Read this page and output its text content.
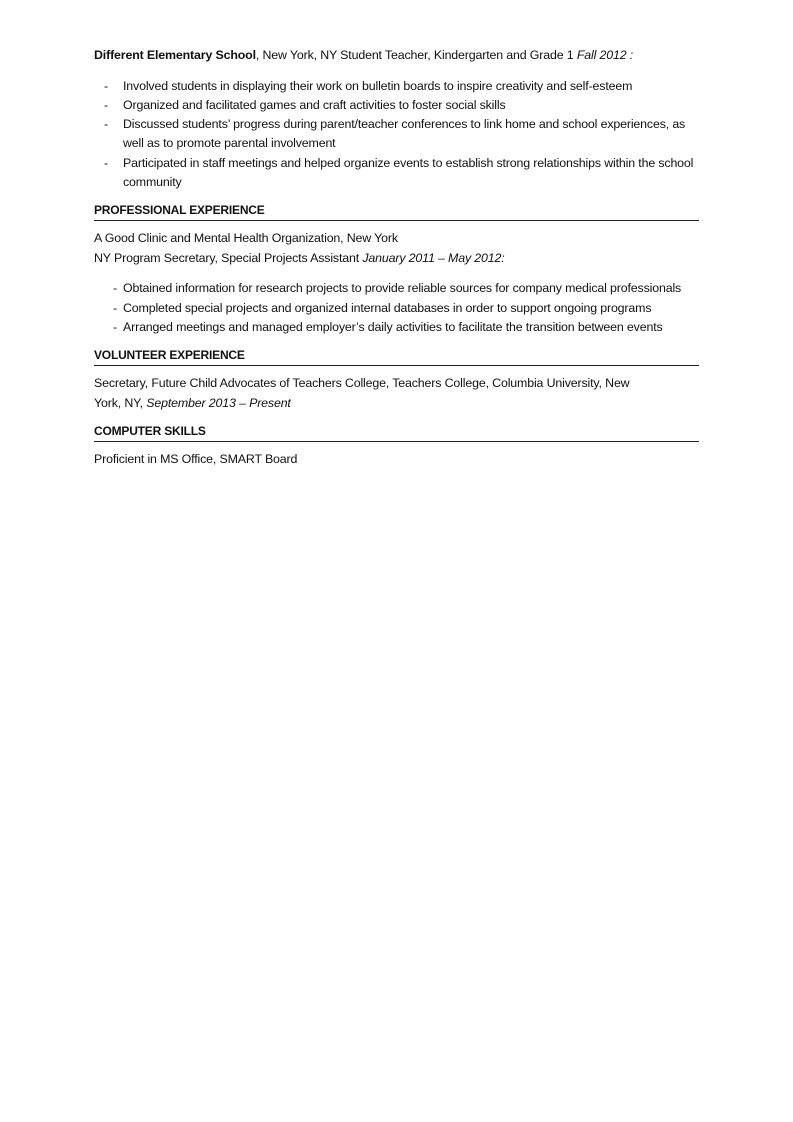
Different Elementary School, New York, NY Student Teacher, Kindergarten and Grade 1 Fall 2012 :
- Involved students in displaying their work on bulletin boards to inspire creativity and self-esteem
- Organized and facilitated games and craft activities to foster social skills
- Discussed students’ progress during parent/teacher conferences to link home and school experiences, as well as to promote parental involvement
- Participated in staff meetings and helped organize events to establish strong relationships within the school community
PROFESSIONAL EXPERIENCE
A Good Clinic and Mental Health Organization, New York
NY Program Secretary, Special Projects Assistant January 2011 – May 2012:
- Obtained information for research projects to provide reliable sources for company medical professionals
- Completed special projects and organized internal databases in order to support ongoing programs
- Arranged meetings and managed employer’s daily activities to facilitate the transition between events
VOLUNTEER EXPERIENCE
Secretary, Future Child Advocates of Teachers College, Teachers College, Columbia University, New
York, NY, September 2013 – Present
COMPUTER SKILLS
Proficient in MS Office, SMART Board
